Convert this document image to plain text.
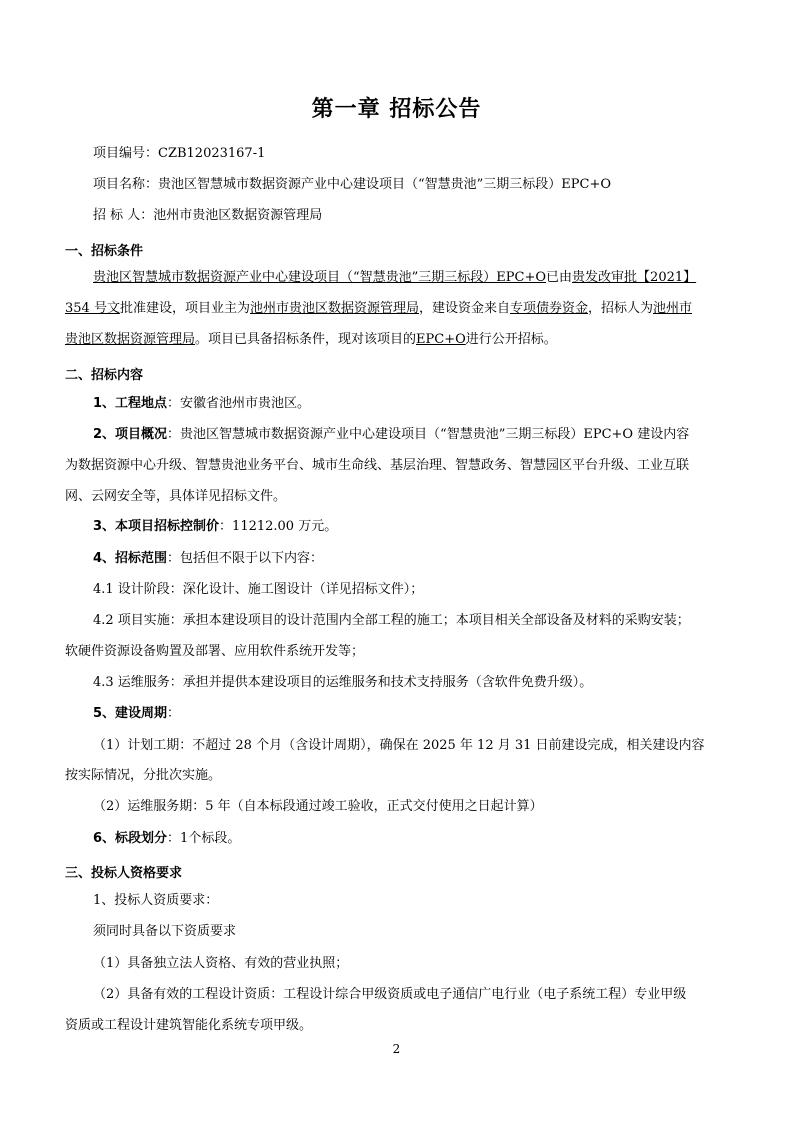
第一章 招标公告
项目编号：CZB12023167-1
项目名称：贵池区智慧城市数据资源产业中心建设项目（“智慧贵池”三期三标段）EPC+O
招 标 人：池州市贵池区数据资源管理局
一、招标条件
贵池区智慧城市数据资源产业中心建设项目（“智慧贵池”三期三标段）EPC+O已由贵发改审批【2021】
354 号文批准建设，项目业主为池州市贵池区数据资源管理局，建设资金来自专项债券资金，招标人为池州市
贵池区数据资源管理局。项目已具备招标条件，现对该项目的EPC+O进行公开招标。
二、招标内容
1、工程地点：安徽省池州市贵池区。
2、项目概况：贵池区智慧城市数据资源产业中心建设项目（“智慧贵池”三期三标段）EPC+O 建设内容
为数据资源中心升级、智慧贵池业务平台、城市生命线、基层治理、智慧政务、智慧园区平台升级、工业互联
网、云网安全等，具体详见招标文件。
3、本项目招标控制价：11212.00 万元。
4、招标范围：包括但不限于以下内容：
4.1 设计阶段：深化设计、施工图设计（详见招标文件）；
4.2 项目实施：承担本建设项目的设计范围内全部工程的施工；本项目相关全部设备及材料的采购安装；
软硬件资源设备购置及部署、应用软件系统开发等；
4.3 运维服务：承担并提供本建设项目的运维服务和技术支持服务（含软件免费升级）。
5、建设周期：
（1）计划工期：不超过 28 个月（含设计周期），确保在 2025 年 12 月 31 日前建设完成，相关建设内容
按实际情况，分批次实施。
（2）运维服务期：5 年（自本标段通过竣工验收，正式交付使用之日起计算）
6、标段划分：1个标段。
三、投标人资格要求
1、投标人资质要求：
须同时具备以下资质要求
（1）具备独立法人资格、有效的营业执照；
（2）具备有效的工程设计资质：工程设计综合甲级资质或电子通信广电行业（电子系统工程）专业甲级
资质或工程设计建筑智能化系统专项甲级。
2
